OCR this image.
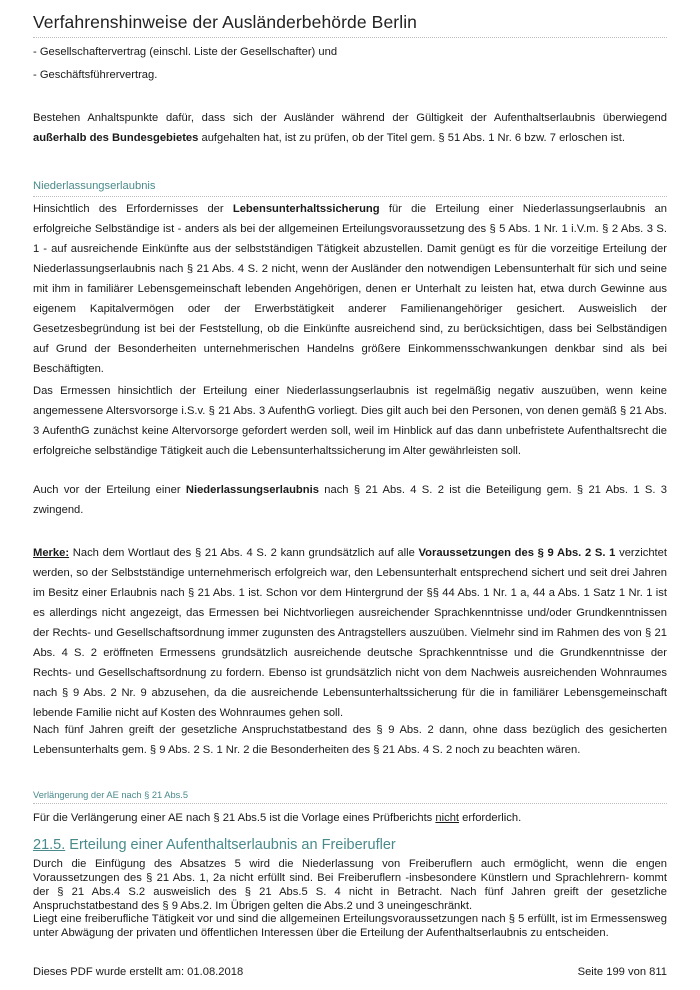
Verfahrenshinweise der Ausländerbehörde Berlin

- Gesellschaftervertrag (einschl. Liste der Gesellschafter) und

- Geschäftsführervertrag.

Bestehen Anhaltspunkte dafür, dass sich der Ausländer während der Gültigkeit der Aufenthaltserlaubnis überwiegend außerhalb des Bundesgebietes aufgehalten hat, ist zu prüfen, ob der Titel gem. § 51 Abs. 1 Nr. 6 bzw. 7 erloschen ist.

Niederlassungserlaubnis

Hinsichtlich des Erfordernisses der Lebensunterhaltssicherung für die Erteilung einer Niederlassungserlaubnis an erfolgreiche Selbständige ist - anders als bei der allgemeinen Erteilungsvoraussetzung des § 5 Abs. 1 Nr. 1 i.V.m. § 2 Abs. 3 S. 1 - auf ausreichende Einkünfte aus der selbstständigen Tätigkeit abzustellen. Damit genügt es für die vorzeitige Erteilung der Niederlassungserlaubnis nach § 21 Abs. 4 S. 2 nicht, wenn der Ausländer den notwendigen Lebensunterhalt für sich und seine mit ihm in familiärer Lebensgemeinschaft lebenden Angehörigen, denen er Unterhalt zu leisten hat, etwa durch Gewinne aus eigenem Kapitalvermögen oder der Erwerbstätigkeit anderer Familienangehöriger gesichert. Ausweislich der Gesetzesbegründung ist bei der Feststellung, ob die Einkünfte ausreichend sind, zu berücksichtigen, dass bei Selbständigen auf Grund der Besonderheiten unternehmerischen Handelns größere Einkommensschwankungen denkbar sind als bei Beschäftigten.

Das Ermessen hinsichtlich der Erteilung einer Niederlassungserlaubnis ist regelmäßig negativ auszuüben, wenn keine angemessene Altersvorsorge i.S.v. § 21 Abs. 3 AufenthG vorliegt. Dies gilt auch bei den Personen, von denen gemäß § 21 Abs. 3 AufenthG zunächst keine Altervorsorge gefordert werden soll, weil im Hinblick auf das dann unbefristete Aufenthaltsrecht die erfolgreiche selbständige Tätigkeit auch die Lebensunterhaltssicherung im Alter gewährleisten soll.

Auch vor der Erteilung einer Niederlassungserlaubnis nach § 21 Abs. 4 S. 2 ist die Beteiligung gem. § 21 Abs. 1 S. 3 zwingend.

Merke: Nach dem Wortlaut des § 21 Abs. 4 S. 2 kann grundsätzlich auf alle Voraussetzungen des § 9 Abs. 2 S. 1 verzichtet werden, so der Selbstständige unternehmerisch erfolgreich war, den Lebensunterhalt entsprechend sichert und seit drei Jahren im Besitz einer Erlaubnis nach § 21 Abs. 1 ist. Schon vor dem Hintergrund der §§ 44 Abs. 1 Nr. 1 a, 44 a Abs. 1 Satz 1 Nr. 1 ist es allerdings nicht angezeigt, das Ermessen bei Nichtvorliegen ausreichender Sprachkenntnisse und/oder Grundkenntnissen der Rechts- und Gesellschaftsordnung immer zugunsten des Antragstellers auszuüben. Vielmehr sind im Rahmen des von § 21 Abs. 4 S. 2 eröffneten Ermessens grundsätzlich ausreichende deutsche Sprachkenntnisse und die Grundkenntnisse der Rechts- und Gesellschaftsordnung zu fordern. Ebenso ist grundsätzlich nicht von dem Nachweis ausreichenden Wohnraumes nach § 9 Abs. 2 Nr. 9 abzusehen, da die ausreichende Lebensunterhaltssicherung für die in familiärer Lebensgemeinschaft lebende Familie nicht auf Kosten des Wohnraumes gehen soll.

Nach fünf Jahren greift der gesetzliche Anspruchstatbestand des § 9 Abs. 2 dann, ohne dass bezüglich des gesicherten Lebensunterhalts gem. § 9 Abs. 2 S. 1 Nr. 2 die Besonderheiten des § 21 Abs. 4 S. 2 noch zu beachten wären.

Verlängerung der AE nach § 21 Abs.5

Für die Verlängerung einer AE nach § 21 Abs.5 ist die Vorlage eines Prüfberichts nicht erforderlich.

21.5. Erteilung einer Aufenthaltserlaubnis an Freiberufler

Durch die Einfügung des Absatzes 5 wird die Niederlassung von Freiberuflern auch ermöglicht, wenn die engen Voraussetzungen des § 21 Abs. 1, 2a nicht erfüllt sind. Bei Freiberuflern -insbesondere Künstlern und Sprachlehrern- kommt der § 21 Abs.4 S.2 ausweislich des § 21 Abs.5 S. 4 nicht in Betracht. Nach fünf Jahren greift der gesetzliche Anspruchstatbestand des § 9 Abs.2. Im Übrigen gelten die Abs.2 und 3 uneingeschränkt.

Liegt eine freiberufliche Tätigkeit vor und sind die allgemeinen Erteilungsvoraussetzungen nach § 5 erfüllt, ist im Ermessensweg unter Abwägung der privaten und öffentlichen Interessen über die Erteilung der Aufenthaltserlaubnis zu entscheiden.

Dieses PDF wurde erstellt am: 01.08.2018	Seite 199 von 811
